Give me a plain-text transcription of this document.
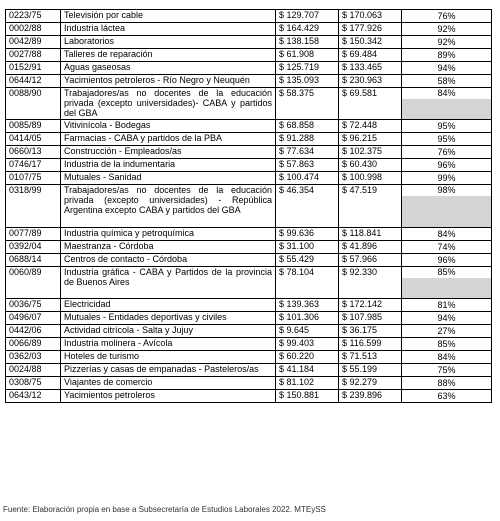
0223/75	Televisión por cable	$ 129.707	$ 170.063	76%

0002/88	Industria láctea	$ 164.429	$ 177.926	92%

0042/89	Laboratorios	$ 138.158	$ 150.342	92%

0027/88	Talleres de reparación	$ 61.908	$ 69.484	89%

0152/91	Aguas gaseosas	$ 125.719	$ 133.465	94%

0644/12	Yacimientos petroleros - Río Negro y Neuquén	$ 135.093	$ 230.963	58%

0088/90	Trabajadores/as no docentes de la educación privada (excepto universidades)- CABA y partidos del GBA	$ 58.375	$ 69.581	84%

0085/89	Vitivinícola - Bodegas	$ 68.858	$ 72.448	95%

0414/05	Farmacias - CABA y partidos de la PBA	$ 91.288	$ 96.215	95%

0660/13	Construcción - Empleados/as	$ 77.634	$ 102.375	76%

0746/17	Industria de la indumentaria	$ 57.863	$ 60.430	96%

0107/75	Mutuales - Sanidad	$ 100.474	$ 100.998	99%

0318/99	Trabajadores/as no docentes de la educación privada (excepto universidades) - República Argentina excepto CABA y partidos del GBA	$ 46.354	$ 47.519	98%

0077/89	Industria química y petroquímica	$ 99.636	$ 118.841	84%

0392/04	Maestranza - Córdoba	$ 31.100	$ 41.896	74%

0688/14	Centros de contacto - Córdoba	$ 55.429	$ 57.966	96%

0060/89	Industria gráfica - CABA y Partidos de la provincia de Buenos Aires	$ 78.104	$ 92.330	85%

0036/75	Electricidad	$ 139.363	$ 172.142	81%

0496/07	Mutuales - Entidades deportivas y civiles	$ 101.306	$ 107.985	94%

0442/06	Actividad citrícola - Salta y Jujuy	$ 9.645	$ 36.175	27%

0066/89	Industria molinera - Avícola	$ 99.403	$ 116.599	85%

0362/03	Hoteles de turismo	$ 60.220	$ 71.513	84%

0024/88	Pizzerías y casas de empanadas - Pasteleros/as	$ 41.184	$ 55.199	75%

0308/75	Viajantes de comercio	$ 81.102	$ 92.279	88%

0643/12	Yacimientos petroleros	$ 150.881	$ 239.896	63%
Fuente: Elaboración propia en base a Subsecretaría de Estudios Laborales 2022. MTEySS
